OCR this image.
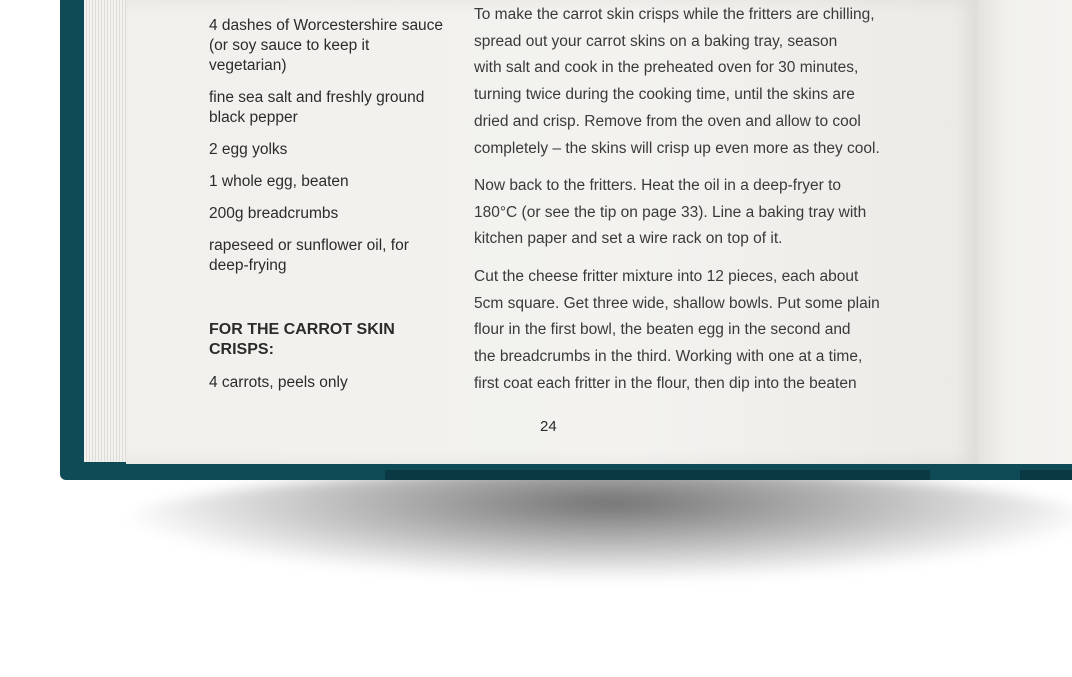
4 dashes of Worcestershire sauce (or soy sauce to keep it vegetarian)
fine sea salt and freshly ground black pepper
2 egg yolks
1 whole egg, beaten
200g breadcrumbs
rapeseed or sunflower oil, for deep-frying
FOR THE CARROT SKIN CRISPS:
4 carrots, peels only
To make the carrot skin crisps while the fritters are chilling,
spread out your carrot skins on a baking tray, season
with salt and cook in the preheated oven for 30 minutes,
turning twice during the cooking time, until the skins are
dried and crisp. Remove from the oven and allow to cool
completely – the skins will crisp up even more as they cool.
Now back to the fritters. Heat the oil in a deep-fryer to
180°C (or see the tip on page 33). Line a baking tray with
kitchen paper and set a wire rack on top of it.
Cut the cheese fritter mixture into 12 pieces, each about
5cm square. Get three wide, shallow bowls. Put some plain
flour in the first bowl, the beaten egg in the second and
the breadcrumbs in the third. Working with one at a time,
first coat each fritter in the flour, then dip into the beaten
24
